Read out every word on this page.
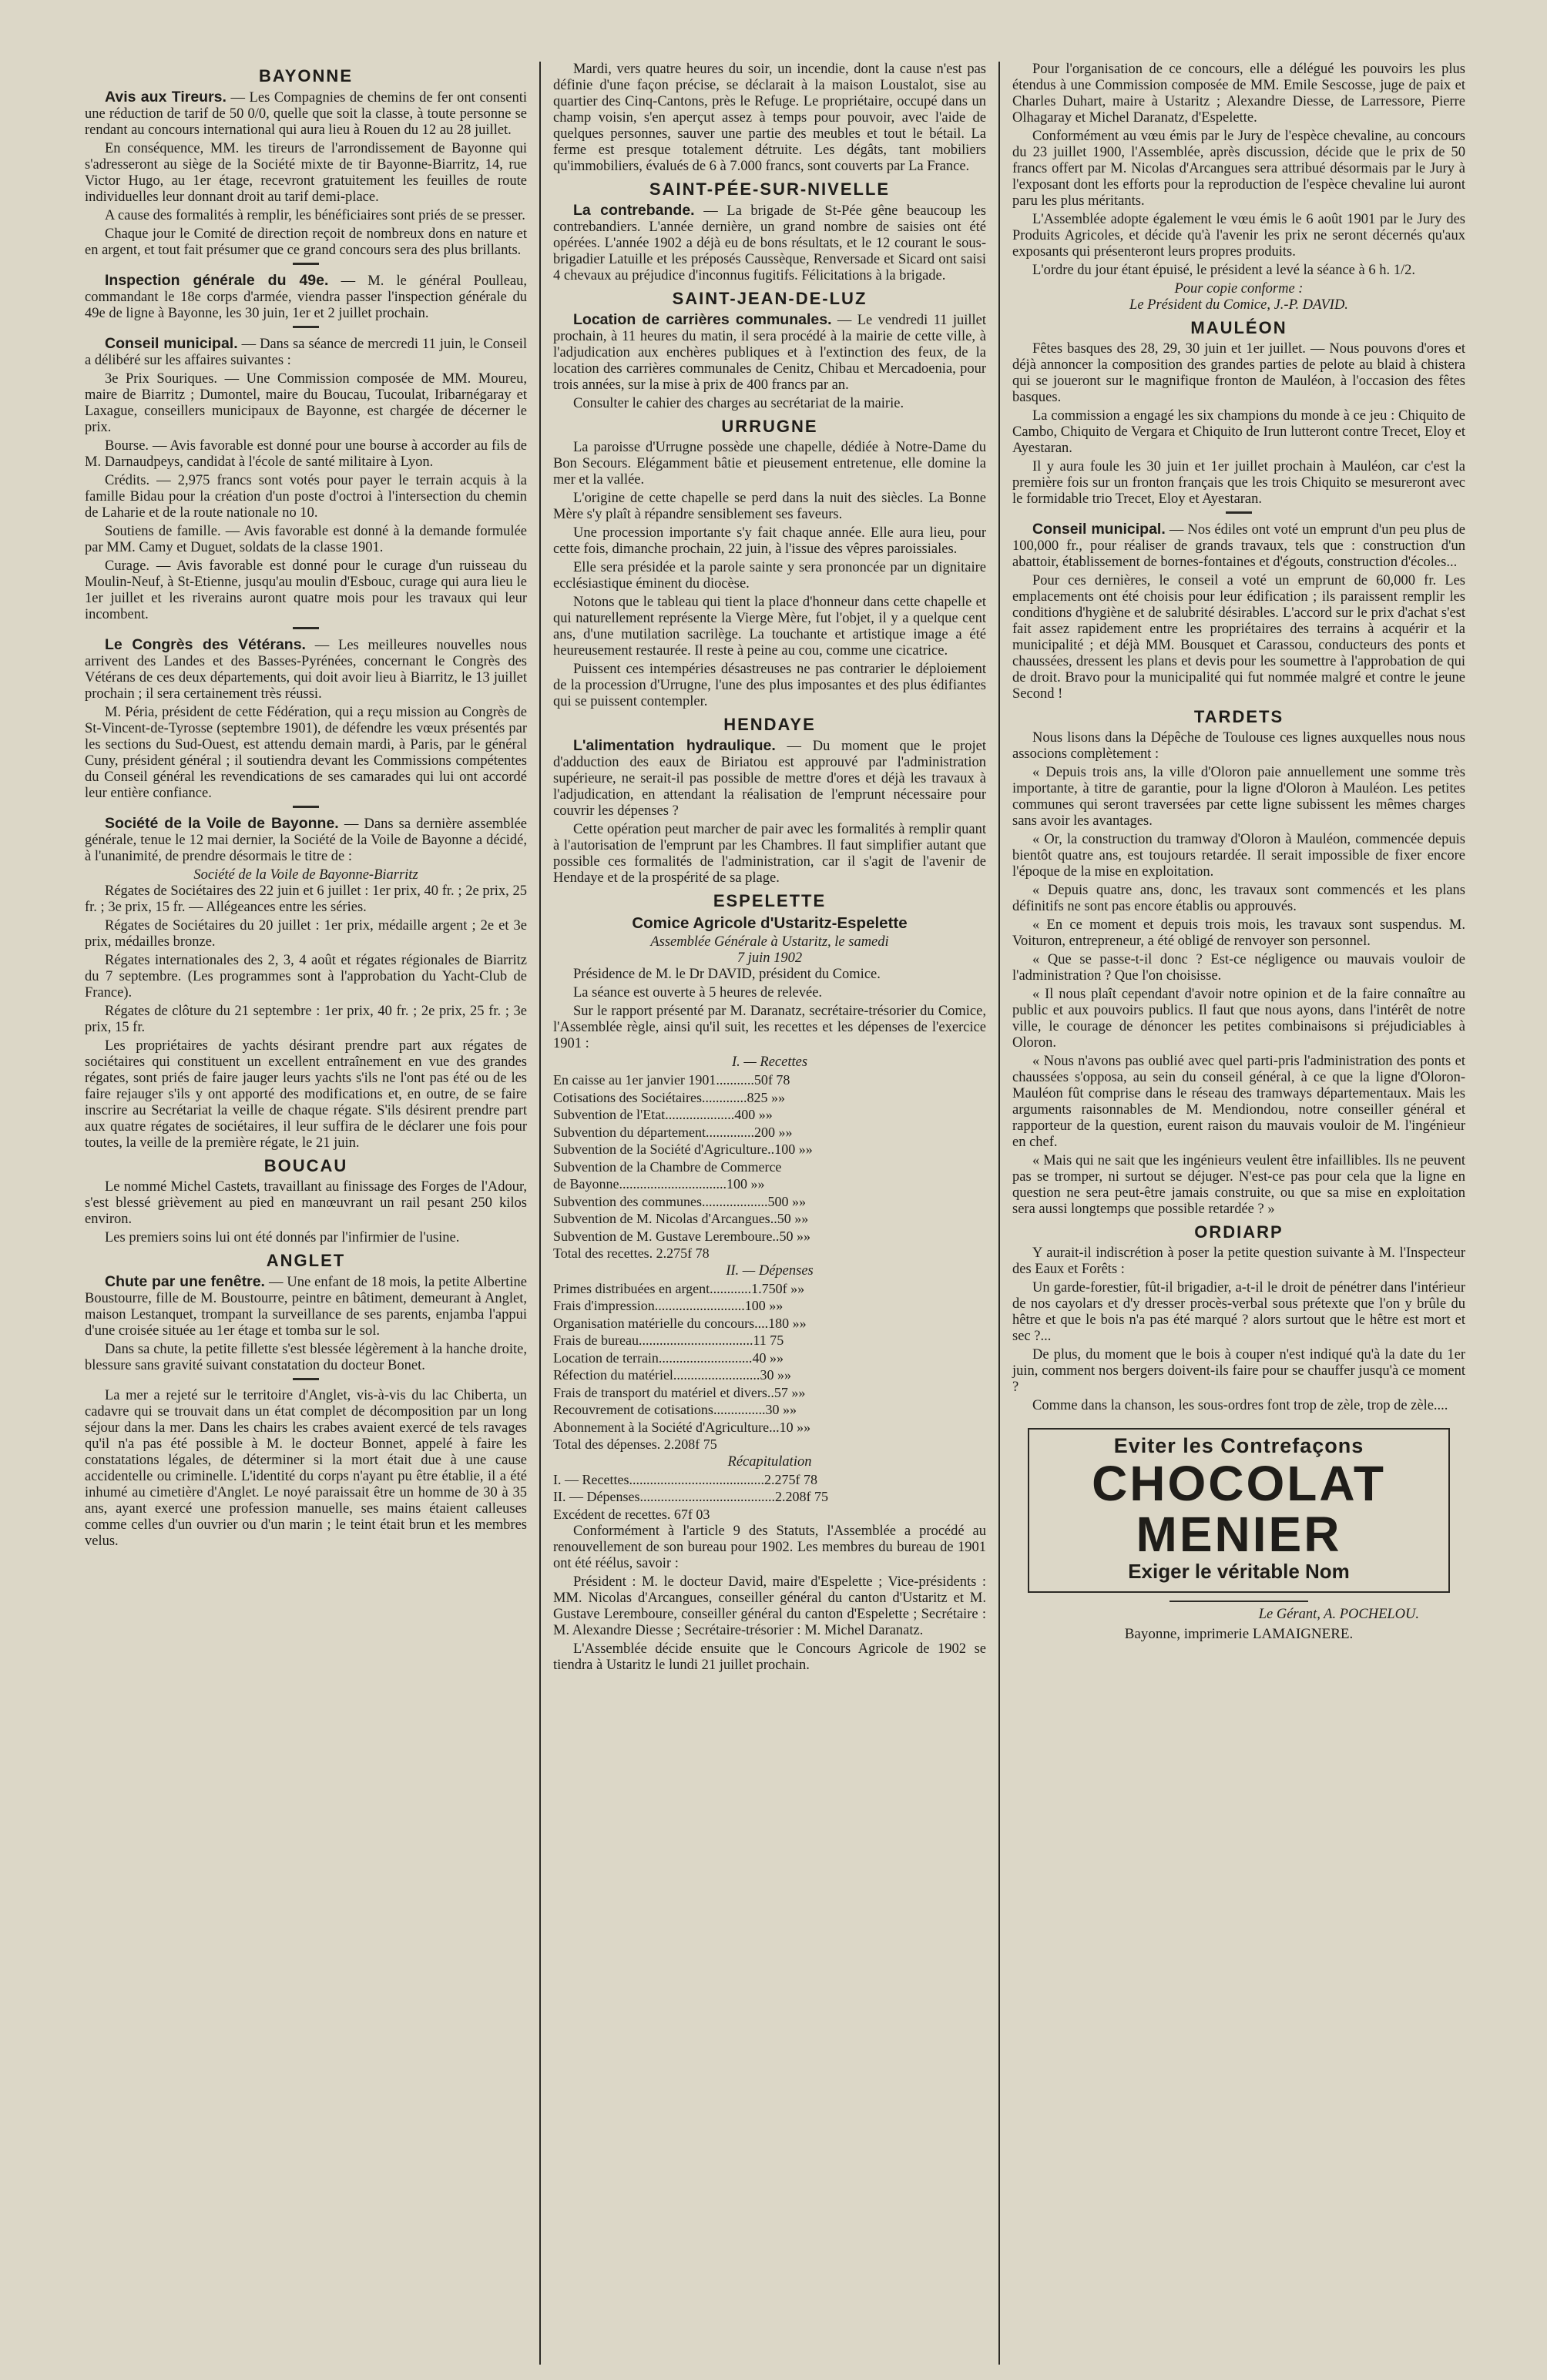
BAYONNE

Avis aux Tireurs. — Les Compagnies de chemins de fer ont consenti une réduction de tarif de 50 0/0, quelle que soit la classe, à toute personne se rendant au concours international qui aura lieu à Rouen du 12 au 28 juillet.

En conséquence, MM. les tireurs de l'arrondissement de Bayonne qui s'adresseront au siège de la Société mixte de tir Bayonne-Biarritz, 14, rue Victor Hugo, au 1er étage, recevront gratuitement les feuilles de route individuelles leur donnant droit au tarif demi-place.

A cause des formalités à remplir, les bénéficiaires sont priés de se presser.

Chaque jour le Comité de direction reçoit de nombreux dons en nature et en argent, et tout fait présumer que ce grand concours sera des plus brillants.

Inspection générale du 49e. — M. le général Poulleau, commandant le 18e corps d'armée, viendra passer l'inspection générale du 49e de ligne à Bayonne, les 30 juin, 1er et 2 juillet prochain.

Conseil municipal. — Dans sa séance de mercredi 11 juin, le Conseil a délibéré sur les affaires suivantes :

3e Prix Souriques. — Une Commission composée de MM. Moureu, maire de Biarritz ; Dumontel, maire du Boucau, Tucoulat, Iribarnégaray et Laxague, conseillers municipaux de Bayonne, est chargée de décerner le prix.

Bourse. — Avis favorable est donné pour une bourse à accorder au fils de M. Darnaudpeys, candidat à l'école de santé militaire à Lyon.

Crédits. — 2,975 francs sont votés pour payer le terrain acquis à la famille Bidau pour la création d'un poste d'octroi à l'intersection du chemin de Laharie et de la route nationale no 10.

Soutiens de famille. — Avis favorable est donné à la demande formulée par MM. Camy et Duguet, soldats de la classe 1901.

Curage. — Avis favorable est donné pour le curage d'un ruisseau du Moulin-Neuf, à St-Etienne, jusqu'au moulin d'Esbouc, curage qui aura lieu le 1er juillet et les riverains auront quatre mois pour les travaux qui leur incombent.

Le Congrès des Vétérans. — Les meilleures nouvelles nous arrivent des Landes et des Basses-Pyrénées, concernant le Congrès des Vétérans de ces deux départements, qui doit avoir lieu à Biarritz, le 13 juillet prochain ; il sera certainement très réussi.

M. Péria, président de cette Fédération, qui a reçu mission au Congrès de St-Vincent-de-Tyrosse (septembre 1901), de défendre les vœux présentés par les sections du Sud-Ouest, est attendu demain mardi, à Paris, par le général Cuny, président général ; il soutiendra devant les Commissions compétentes du Conseil général les revendications de ses camarades qui lui ont accordé leur entière confiance.

Société de la Voile de Bayonne. — Dans sa dernière assemblée générale, tenue le 12 mai dernier, la Société de la Voile de Bayonne a décidé, à l'unanimité, de prendre désormais le titre de :

Société de la Voile de Bayonne-Biarritz

Régates de Sociétaires des 22 juin et 6 juillet : 1er prix, 40 fr. ; 2e prix, 25 fr. ; 3e prix, 15 fr. — Allégeances entre les séries.

Régates de Sociétaires du 20 juillet : 1er prix, médaille argent ; 2e et 3e prix, médailles bronze.

Régates internationales des 2, 3, 4 août et régates régionales de Biarritz du 7 septembre. (Les programmes sont à l'approbation du Yacht-Club de France).

Régates de clôture du 21 septembre : 1er prix, 40 fr. ; 2e prix, 25 fr. ; 3e prix, 15 fr.

Les propriétaires de yachts désirant prendre part aux régates de sociétaires qui constituent un excellent entraînement en vue des grandes régates, sont priés de faire jauger leurs yachts s'ils ne l'ont pas été ou de les faire rejauger s'ils y ont apporté des modifications et, en outre, de se faire inscrire au Secrétariat la veille de chaque régate. S'ils désirent prendre part aux quatre régates de sociétaires, il leur suffira de le déclarer une fois pour toutes, la veille de la première régate, le 21 juin.

BOUCAU

Le nommé Michel Castets, travaillant au finissage des Forges de l'Adour, s'est blessé grièvement au pied en manœuvrant un rail pesant 250 kilos environ.

Les premiers soins lui ont été donnés par l'infirmier de l'usine.

ANGLET

Chute par une fenêtre. — Une enfant de 18 mois, la petite Albertine Boustourre, fille de M. Boustourre, peintre en bâtiment, demeurant à Anglet, maison Lestanquet, trompant la surveillance de ses parents, enjamba l'appui d'une croisée située au 1er étage et tomba sur le sol.

Dans sa chute, la petite fillette s'est blessée légèrement à la hanche droite, blessure sans gravité suivant constatation du docteur Bonet.

La mer a rejeté sur le territoire d'Anglet, vis-à-vis du lac Chiberta, un cadavre qui se trouvait dans un état complet de décomposition par un long séjour dans la mer. Dans les chairs les crabes avaient exercé de tels ravages qu'il n'a pas été possible à M. le docteur Bonnet, appelé à faire les constatations légales, de déterminer si la mort était due à une cause accidentelle ou criminelle. L'identité du corps n'ayant pu être établie, il a été inhumé au cimetière d'Anglet. Le noyé paraissait être un homme de 30 à 35 ans, ayant exercé une profession manuelle, ses mains étaient calleuses comme celles d'un ouvrier ou d'un marin ; le teint était brun et les membres velus.

Mardi, vers quatre heures du soir, un incendie, dont la cause n'est pas définie d'une façon précise, se déclarait à la maison Loustalot, sise au quartier des Cinq-Cantons, près le Refuge. Le propriétaire, occupé dans un champ voisin, s'en aperçut assez à temps pour pouvoir, avec l'aide de quelques personnes, sauver une partie des meubles et tout le bétail. La ferme est presque totalement détruite. Les dégâts, tant mobiliers qu'immobiliers, évalués de 6 à 7.000 francs, sont couverts par La France.

SAINT-PÉE-SUR-NIVELLE

La contrebande. — La brigade de St-Pée gêne beaucoup les contrebandiers. L'année dernière, un grand nombre de saisies ont été opérées. L'année 1902 a déjà eu de bons résultats, et le 12 courant le sous-brigadier Latuille et les préposés Caussèque, Renversade et Sicard ont saisi 4 chevaux au préjudice d'inconnus fugitifs. Félicitations à la brigade.

SAINT-JEAN-DE-LUZ

Location de carrières communales. — Le vendredi 11 juillet prochain, à 11 heures du matin, il sera procédé à la mairie de cette ville, à l'adjudication aux enchères publiques et à l'extinction des feux, de la location des carrières communales de Cenitz, Chibau et Mercadoenia, pour trois années, sur la mise à prix de 400 francs par an.

Consulter le cahier des charges au secrétariat de la mairie.

URRUGNE

La paroisse d'Urrugne possède une chapelle, dédiée à Notre-Dame du Bon Secours. Elégamment bâtie et pieusement entretenue, elle domine la mer et la vallée.

L'origine de cette chapelle se perd dans la nuit des siècles. La Bonne Mère s'y plaît à répandre sensiblement ses faveurs.

Une procession importante s'y fait chaque année. Elle aura lieu, pour cette fois, dimanche prochain, 22 juin, à l'issue des vêpres paroissiales.

Elle sera présidée et la parole sainte y sera prononcée par un dignitaire ecclésiastique éminent du diocèse.

Notons que le tableau qui tient la place d'honneur dans cette chapelle et qui naturellement représente la Vierge Mère, fut l'objet, il y a quelque cent ans, d'une mutilation sacrilège. La touchante et artistique image a été heureusement restaurée. Il reste à peine au cou, comme une cicatrice.

Puissent ces intempéries désastreuses ne pas contrarier le déploiement de la procession d'Urrugne, l'une des plus imposantes et des plus édifiantes qui se puissent contempler.

HENDAYE

L'alimentation hydraulique. — Du moment que le projet d'adduction des eaux de Biriatou est approuvé par l'administration supérieure, ne serait-il pas possible de mettre d'ores et déjà les travaux à l'adjudication, en attendant la réalisation de l'emprunt nécessaire pour couvrir les dépenses ?

Cette opération peut marcher de pair avec les formalités à remplir quant à l'autorisation de l'emprunt par les Chambres. Il faut simplifier autant que possible ces formalités de l'administration, car il s'agit de l'avenir de Hendaye et de la prospérité de sa plage.

ESPELETTE
Comice Agricole d'Ustaritz-Espelette
Assemblée Générale à Ustaritz, le samedi
7 juin 1902

Présidence de M. le Dr DAVID, président du Comice.

La séance est ouverte à 5 heures de relevée.

Sur le rapport présenté par M. Daranatz, secrétaire-trésorier du Comice, l'Assemblée règle, ainsi qu'il suit, les recettes et les dépenses de l'exercice 1901 :

I. — Recettes
En caisse au 1er janvier 1901...........50f 78
Cotisations des Sociétaires.............825 »»
Subvention de l'Etat....................400 »»
Subvention du département..............200 »»
Subvention de la Société d'Agriculture..100 »»
Subvention de la Chambre de Commerce
de Bayonne...............................100 »»
Subvention des communes...................500 »»
Subvention de M. Nicolas d'Arcangues..50 »»
Subvention de M. Gustave Leremboure..50 »»
Total des recettes. 2.275f 78
II. — Dépenses
Primes distribuées en argent............1.750f »»
Frais d'impression..........................100 »»
Organisation matérielle du concours....180 »»
Frais de bureau.................................11 75
Location de terrain...........................40 »»
Réfection du matériel.........................30 »»
Frais de transport du matériel et divers..57 »»
Recouvrement de cotisations...............30 »»
Abonnement à la Société d'Agriculture...10 »»
Total des dépenses. 2.208f 75
Récapitulation
I. — Recettes.......................................2.275f 78
II. — Dépenses.......................................2.208f 75
Excédent de recettes. 67f 03

Conformément à l'article 9 des Statuts, l'Assemblée a procédé au renouvellement de son bureau pour 1902. Les membres du bureau de 1901 ont été réélus, savoir :

Président : M. le docteur David, maire d'Espelette ; Vice-présidents : MM. Nicolas d'Arcangues, conseiller général du canton d'Ustaritz et M. Gustave Leremboure, conseiller général du canton d'Espelette ; Secrétaire : M. Alexandre Diesse ; Secrétaire-trésorier : M. Michel Daranatz.

L'Assemblée décide ensuite que le Concours Agricole de 1902 se tiendra à Ustaritz le lundi 21 juillet prochain.

Pour l'organisation de ce concours, elle a délégué les pouvoirs les plus étendus à une Commission composée de MM. Emile Sescosse, juge de paix et Charles Duhart, maire à Ustaritz ; Alexandre Diesse, de Larressore, Pierre Olhagaray et Michel Daranatz, d'Espelette.

Conformément au vœu émis par le Jury de l'espèce chevaline, au concours du 23 juillet 1900, l'Assemblée, après discussion, décide que le prix de 50 francs offert par M. Nicolas d'Arcangues sera attribué désormais par le Jury à l'exposant dont les efforts pour la reproduction de l'espèce chevaline lui auront paru les plus méritants.

L'Assemblée adopte également le vœu émis le 6 août 1901 par le Jury des Produits Agricoles, et décide qu'à l'avenir les prix ne seront décernés qu'aux exposants qui présenteront leurs propres produits.

L'ordre du jour étant épuisé, le président a levé la séance à 6 h. 1/2.

Pour copie conforme :
Le Président du Comice, J.-P. DAVID.
MAULÉON

Fêtes basques des 28, 29, 30 juin et 1er juillet. — Nous pouvons d'ores et déjà annoncer la composition des grandes parties de pelote au blaid à chistera qui se joueront sur le magnifique fronton de Mauléon, à l'occasion des fêtes basques.

La commission a engagé les six champions du monde à ce jeu : Chiquito de Cambo, Chiquito de Vergara et Chiquito de Irun lutteront contre Trecet, Eloy et Ayestaran.

Il y aura foule les 30 juin et 1er juillet prochain à Mauléon, car c'est la première fois sur un fronton français que les trois Chiquito se mesureront avec le formidable trio Trecet, Eloy et Ayestaran.

Conseil municipal. — Nos édiles ont voté un emprunt d'un peu plus de 100,000 fr., pour réaliser de grands travaux, tels que : construction d'un abattoir, établissement de bornes-fontaines et d'égouts, construction d'écoles...

Pour ces dernières, le conseil a voté un emprunt de 60,000 fr. Les emplacements ont été choisis pour leur édification ; ils paraissent remplir les conditions d'hygiène et de salubrité désirables. L'accord sur le prix d'achat s'est fait assez rapidement entre les propriétaires des terrains à acquérir et la municipalité ; et déjà MM. Bousquet et Carassou, conducteurs des ponts et chaussées, dressent les plans et devis pour les soumettre à l'approbation de qui de droit. Bravo pour la municipalité qui fut nommée malgré et contre le jeune Second !

TARDETS

Nous lisons dans la Dépêche de Toulouse ces lignes auxquelles nous nous associons complètement :

« Depuis trois ans, la ville d'Oloron paie annuellement une somme très importante, à titre de garantie, pour la ligne d'Oloron à Mauléon. Les petites communes qui seront traversées par cette ligne subissent les mêmes charges sans avoir les avantages.

« Or, la construction du tramway d'Oloron à Mauléon, commencée depuis bientôt quatre ans, est toujours retardée. Il serait impossible de fixer encore l'époque de la mise en exploitation.

« Depuis quatre ans, donc, les travaux sont commencés et les plans définitifs ne sont pas encore établis ou approuvés.

« En ce moment et depuis trois mois, les travaux sont suspendus. M. Voituron, entrepreneur, a été obligé de renvoyer son personnel.

« Que se passe-t-il donc ? Est-ce négligence ou mauvais vouloir de l'administration ? Que l'on choisisse.

« Il nous plaît cependant d'avoir notre opinion et de la faire connaître au public et aux pouvoirs publics. Il faut que nous ayons, dans l'intérêt de notre ville, le courage de dénoncer les petites combinaisons si préjudiciables à Oloron.

« Nous n'avons pas oublié avec quel parti-pris l'administration des ponts et chaussées s'opposa, au sein du conseil général, à ce que la ligne d'Oloron-Mauléon fût comprise dans le réseau des tramways départementaux. Mais les arguments raisonnables de M. Mendiondou, notre conseiller général et rapporteur de la question, eurent raison du mauvais vouloir de M. l'ingénieur en chef.

« Mais qui ne sait que les ingénieurs veulent être infaillibles. Ils ne peuvent pas se tromper, ni surtout se déjuger. N'est-ce pas pour cela que la ligne en question ne sera peut-être jamais construite, ou que sa mise en exploitation sera aussi longtemps que possible retardée ? »

ORDIARP

Y aurait-il indiscrétion à poser la petite question suivante à M. l'Inspecteur des Eaux et Forêts :

Un garde-forestier, fût-il brigadier, a-t-il le droit de pénétrer dans l'intérieur de nos cayolars et d'y dresser procès-verbal sous prétexte que l'on y brûle du hêtre et que le bois n'a pas été marqué ? alors surtout que le hêtre est mort et sec ?...

De plus, du moment que le bois à couper n'est indiqué qu'à la date du 1er juin, comment nos bergers doivent-ils faire pour se chauffer jusqu'à ce moment ?

Comme dans la chanson, les sous-ordres font trop de zèle, trop de zèle....

Eviter les Contrefaçons
CHOCOLAT MENIER
Exiger le véritable Nom
Le Gérant, A. POCHELOU.
Bayonne, imprimerie LAMAIGNERE.
